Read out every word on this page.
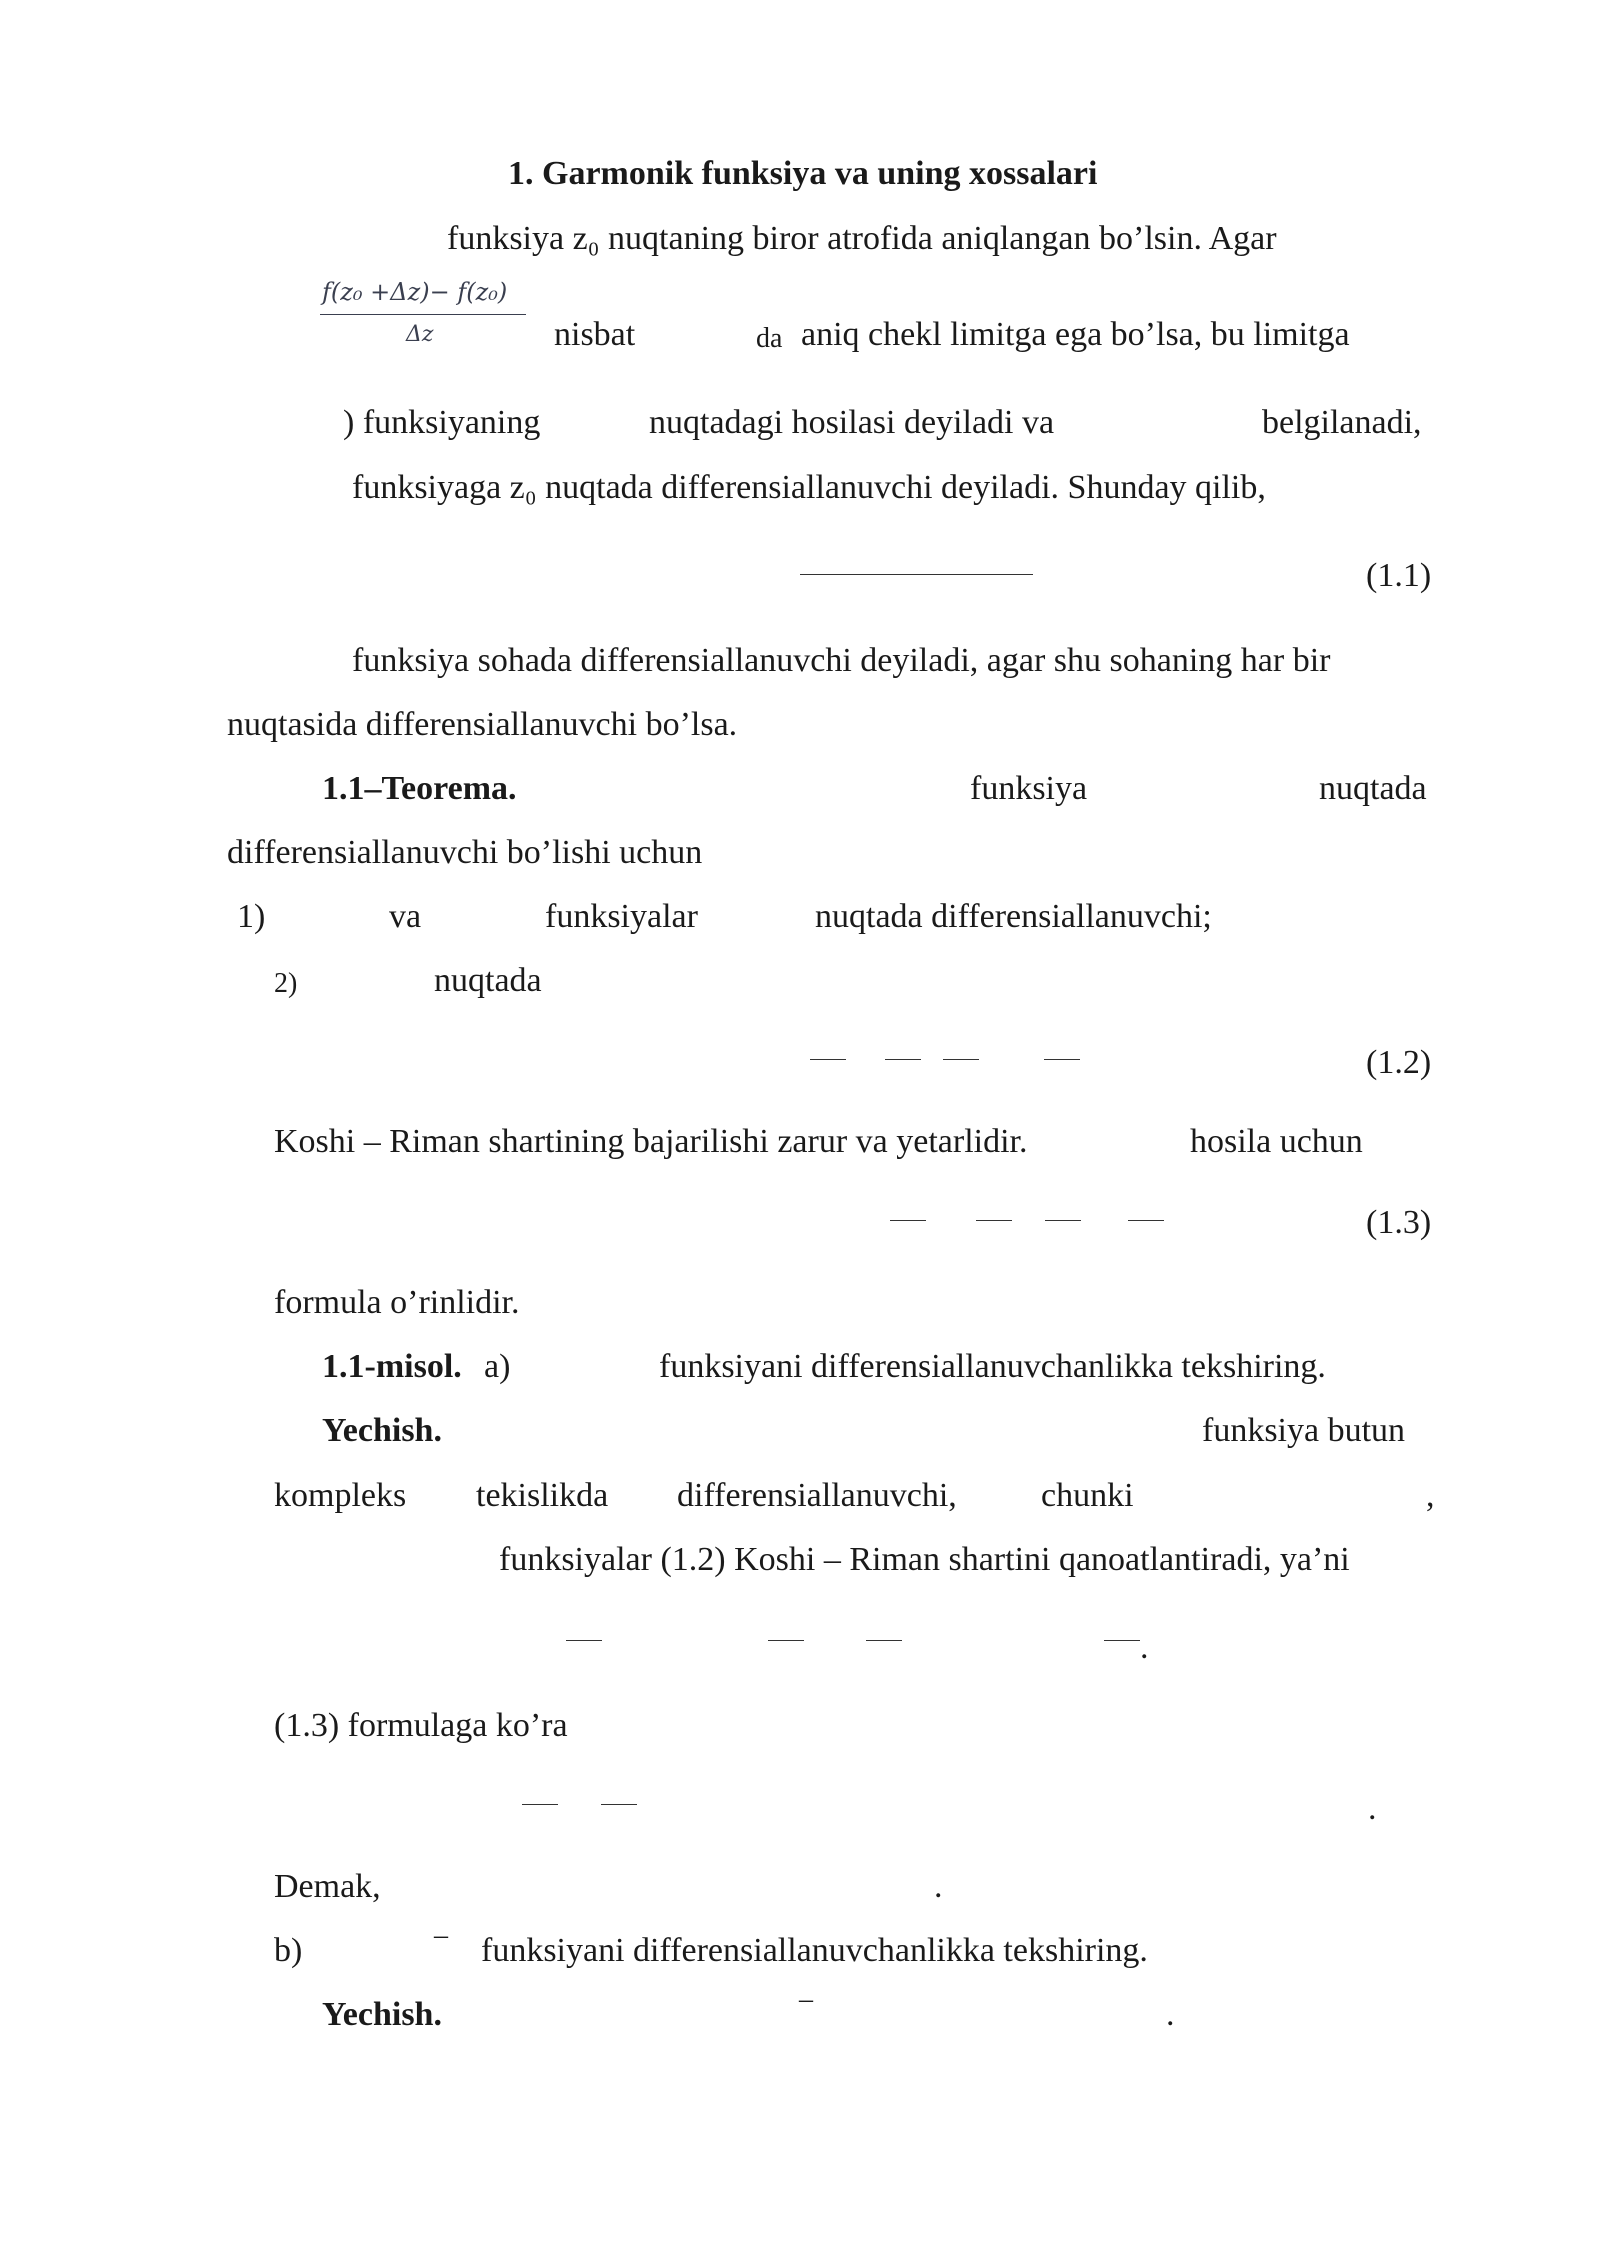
1. Garmonik funksiya va uning xossalari
funksiya z₀ nuqtaning biror atrofida aniqlangan bo’lsin. Agar
f(z₀ +Δz)− f(z₀)
Δz	nisbat	da aniq chekl limitga ega bo’lsa, bu limitga
) funksiyaning	nuqtadagi hosilasi deyiladi va	belgilanadi,
funksiyaga z₀ nuqtada differensiallanuvchi deyiladi. Shunday qilib,
(1.1)
funksiya sohada differensiallanuvchi deyiladi, agar shu sohaning har bir
nuqtasida differensiallanuvchi bo’lsa.
1.1–Teorema.	funksiya	nuqtada
differensiallanuvchi bo’lishi uchun
1)	va	funksiyalar	nuqtada differensiallanuvchi;
2)	nuqtada
(1.2)
Koshi – Riman shartining bajarilishi zarur va yetarlidir.	hosila uchun
(1.3)
formula o’rinlidir.
1.1-misol. a)	funksiyani differensiallanuvchanlikka tekshiring.
Yechish.	funksiya butun
kompleks tekislikda differensiallanuvchi, chunki	,
funksiyalar (1.2) Koshi – Riman shartini qanoatlantiradi, ya’ni
.
(1.3) formulaga ko’ra
.
Demak,	.
b)	– funksiyani differensiallanuvchanlikka tekshiring.
Yechish.	–	.
